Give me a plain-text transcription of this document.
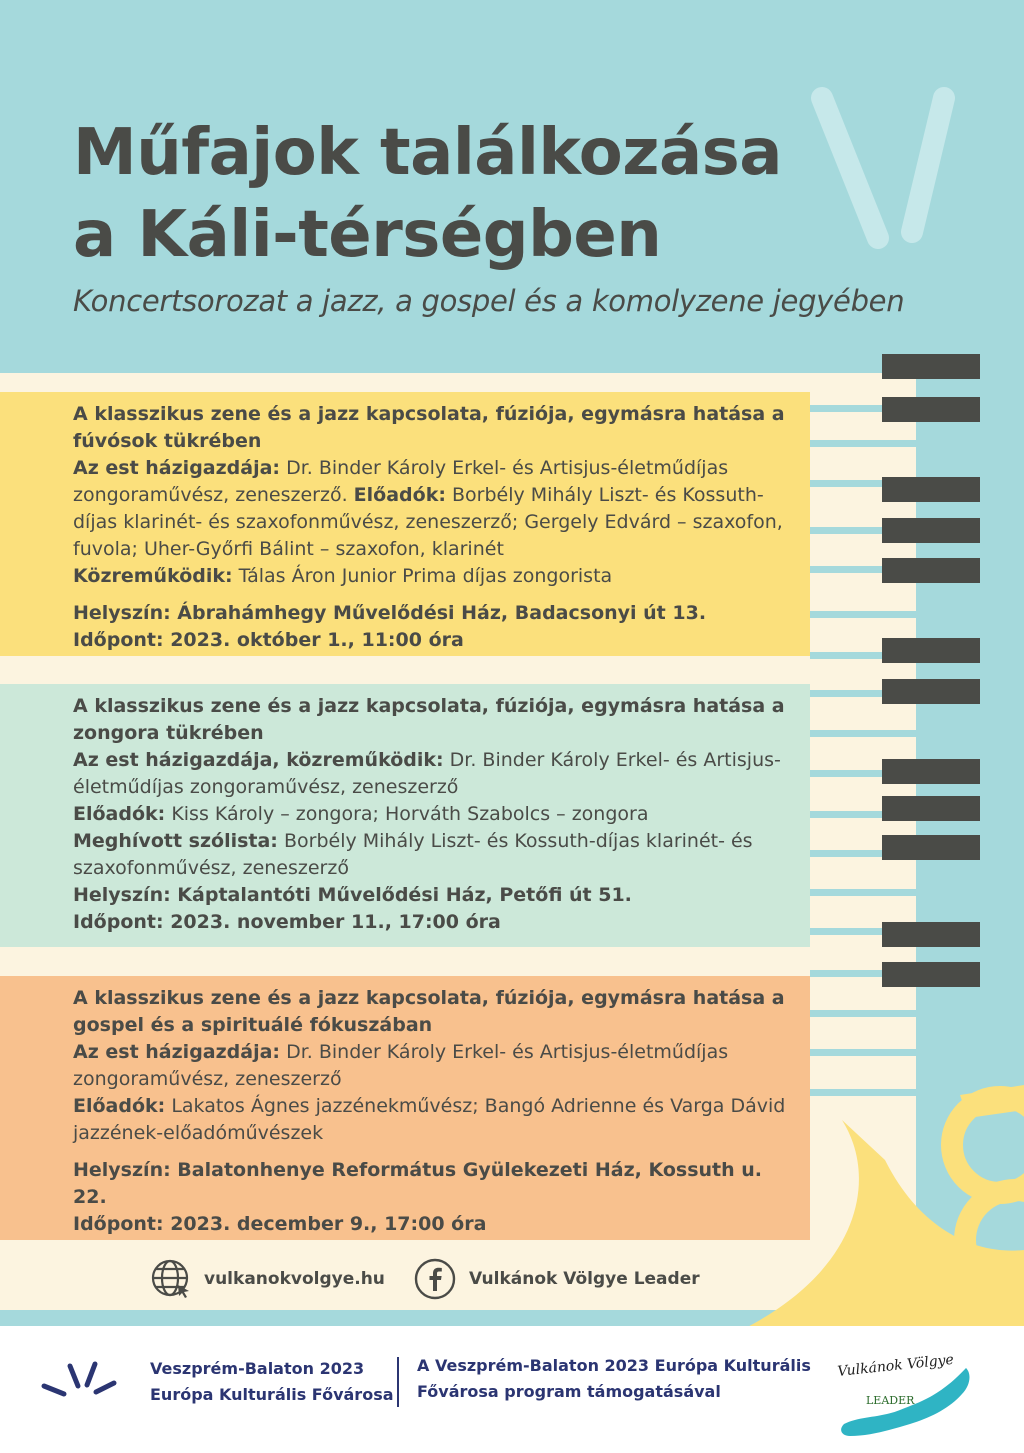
Műfajok találkozása
a Káli-térségben
Koncertsorozat a jazz, a gospel és a komolyzene jegyében

A klasszikus zene és a jazz kapcsolata, fúziója, egymásra hatása a fúvósok tükrében

Az est házigazdája: Dr. Binder Károly Erkel- és Artisjus-életműdíjas zongoraművész, zeneszerző. Előadók: Borbély Mihály Liszt- és Kossuth-díjas klarinét- és szaxofonművész, zeneszerző; Gergely Edvárd – szaxofon, fuvola; Uher-Győrfi Bálint – szaxofon, klarinét

Közreműködik: Tálas Áron Junior Prima díjas zongorista

Helyszín: Ábrahámhegy Művelődési Ház, Badacsonyi út 13.

Időpont: 2023. október 1., 11:00 óra

A klasszikus zene és a jazz kapcsolata, fúziója, egymásra hatása a zongora tükrében

Az est házigazdája, közreműködik: Dr. Binder Károly Erkel- és Artisjus-életműdíjas zongoraművész, zeneszerző

Előadók: Kiss Károly – zongora; Horváth Szabolcs – zongora

Meghívott szólista: Borbély Mihály Liszt- és Kossuth-díjas klarinét- és szaxofonművész, zeneszerző

Helyszín: Káptalantóti Művelődési Ház, Petőfi út 51.

Időpont: 2023. november 11., 17:00 óra

A klasszikus zene és a jazz kapcsolata, fúziója, egymásra hatása a gospel és a spirituálé fókuszában

Az est házigazdája: Dr. Binder Károly Erkel- és Artisjus-életműdíjas zongoraművész, zeneszerző

Előadók: Lakatos Ágnes jazzénekművész; Bangó Adrienne és Varga Dávid jazzének-előadóművészek

Helyszín: Balatonhenye Református Gyülekezeti Ház, Kossuth u. 22.

Időpont: 2023. december 9., 17:00 óra

vulkanokvolgye.hu	Vulkánok Völgye Leader
Veszprém-Balaton 2023
Európa Kulturális Fővárosa
A Veszprém-Balaton 2023 Európa Kulturális
Fővárosa program támogatásával
Vulkánok Völgye
LEADER
